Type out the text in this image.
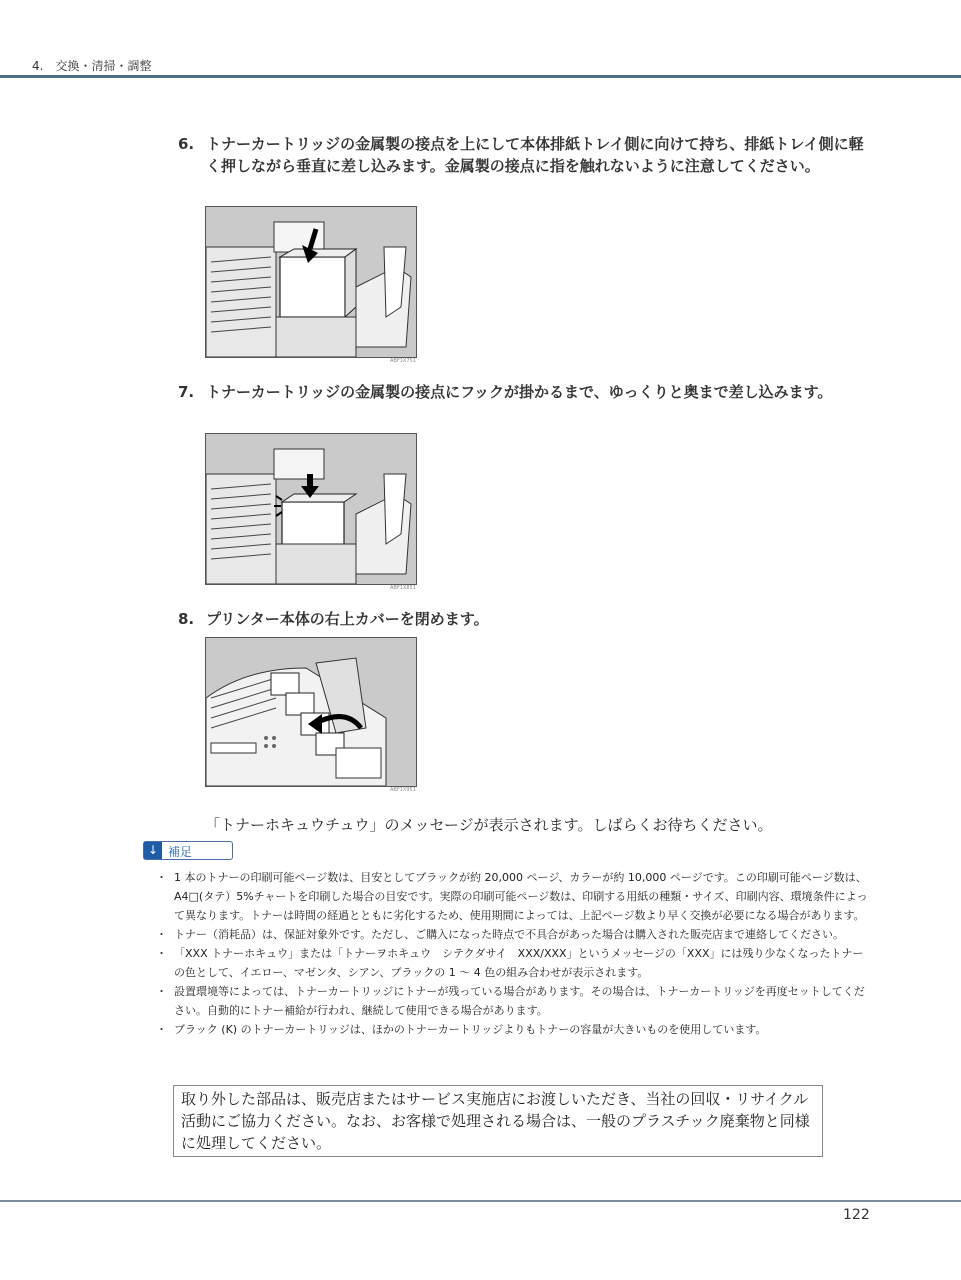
4.　交換・清掃・調整
6. トナーカートリッジの金属製の接点を上にして本体排紙トレイ側に向けて持ち、排紙トレイ側に軽く押しながら垂直に差し込みます。金属製の接点に指を触れないように注意してください。
ABF1X751
7. トナーカートリッジの金属製の接点にフックが掛かるまで、ゆっくりと奥まで差し込みます。
ABF1X851
8. プリンター本体の右上カバーを閉めます。
ABF1X951
「トナーホキュウチュウ」のメッセージが表示されます。しばらくお待ちください。
↓ 補足
・ 1 本のトナーの印刷可能ページ数は、目安としてブラックが約 20,000 ページ、カラーが約 10,000 ページです。この印刷可能ページ数は、A4□(タテ）5%チャートを印刷した場合の目安です。実際の印刷可能ページ数は、印刷する用紙の種類・サイズ、印刷内容、環境条件によって異なります。トナーは時間の経過とともに劣化するため、使用期間によっては、上記ページ数より早く交換が必要になる場合があります。
・ トナー（消耗品）は、保証対象外です。ただし、ご購入になった時点で不具合があった場合は購入された販売店まで連絡してください。
・ 「XXX トナーホキュウ」または「トナーヲホキュウ　シテクダサイ　XXX/XXX」というメッセージの「XXX」には残り少なくなったトナーの色として、イエロー、マゼンタ、シアン、ブラックの 1 〜 4 色の組み合わせが表示されます。
・ 設置環境等によっては、トナーカートリッジにトナーが残っている場合があります。その場合は、トナーカートリッジを再度セットしてください。自動的にトナー補給が行われ、継続して使用できる場合があります。
・ ブラック (K) のトナーカートリッジは、ほかのトナーカートリッジよりもトナーの容量が大きいものを使用しています。
取り外した部品は、販売店またはサービス実施店にお渡しいただき、当社の回収・リサイクル活動にご協力ください。なお、お客様で処理される場合は、一般のプラスチック廃棄物と同様に処理してください。
122
